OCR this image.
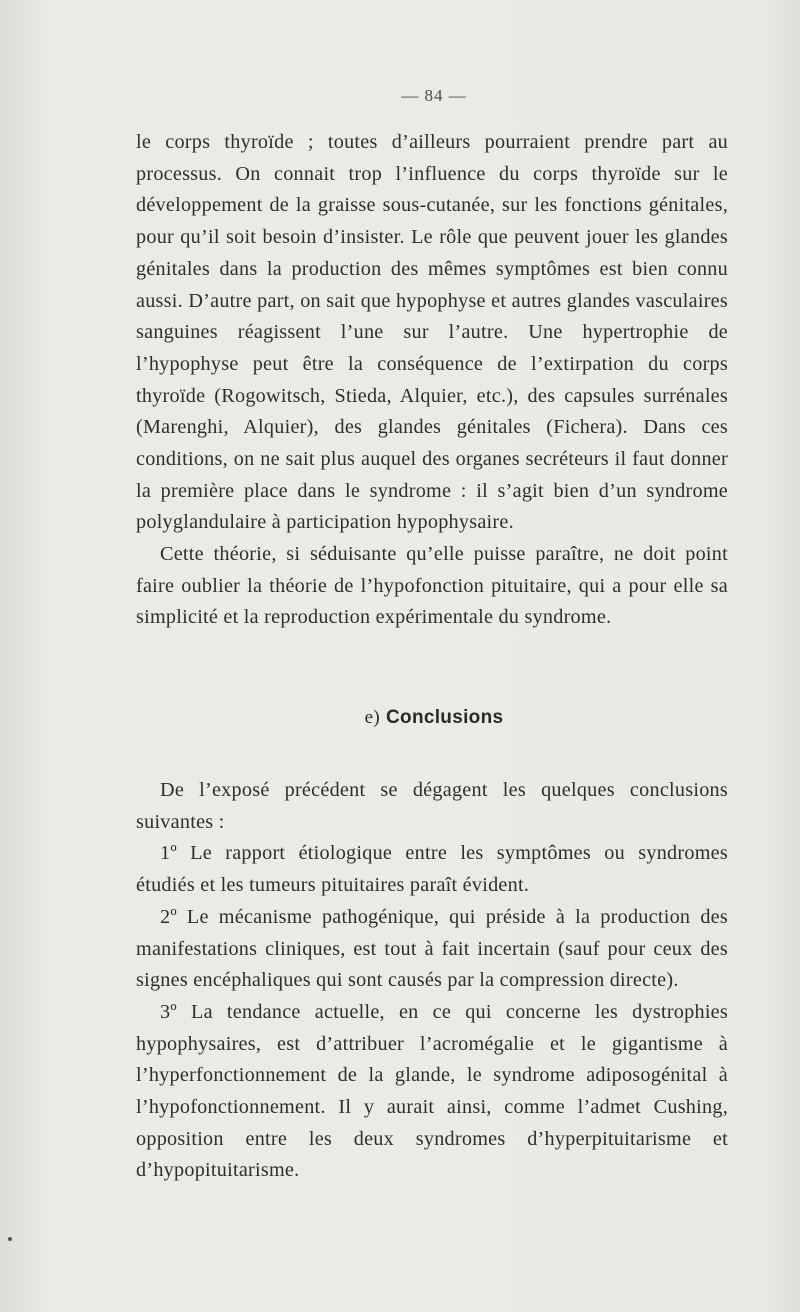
— 84 —

le corps thyroïde ; toutes d’ailleurs pourraient prendre part au processus. On connait trop l’influence du corps thyroïde sur le développement de la graisse sous-cutanée, sur les fonctions génitales, pour qu’il soit besoin d’insister. Le rôle que peuvent jouer les glandes génitales dans la production des mêmes symptômes est bien connu aussi. D’autre part, on sait que hypophyse et autres glandes vasculaires sanguines réagissent l’une sur l’autre. Une hypertrophie de l’hypophyse peut être la conséquence de l’extirpation du corps thyroïde (Rogowitsch, Stieda, Alquier, etc.), des capsules surrénales (Marenghi, Alquier), des glandes génitales (Fichera). Dans ces conditions, on ne sait plus auquel des organes secréteurs il faut donner la première place dans le syndrome : il s’agit bien d’un syndrome polyglandulaire à participation hypophysaire.

Cette théorie, si séduisante qu’elle puisse paraître, ne doit point faire oublier la théorie de l’hypofonction pituitaire, qui a pour elle sa simplicité et la reproduction expérimentale du syndrome.

e) Conclusions

De l’exposé précédent se dégagent les quelques conclusions suivantes :

1º Le rapport étiologique entre les symptômes ou syndromes étudiés et les tumeurs pituitaires paraît évident.

2º Le mécanisme pathogénique, qui préside à la production des manifestations cliniques, est tout à fait incertain (sauf pour ceux des signes encéphaliques qui sont causés par la compression directe).

3º La tendance actuelle, en ce qui concerne les dystrophies hypophysaires, est d’attribuer l’acromégalie et le gigantisme à l’hyperfonctionnement de la glande, le syndrome adiposogénital à l’hypofonctionnement. Il y aurait ainsi, comme l’admet Cushing, opposition entre les deux syndromes d’hyperpituitarisme et d’hypopituitarisme.
